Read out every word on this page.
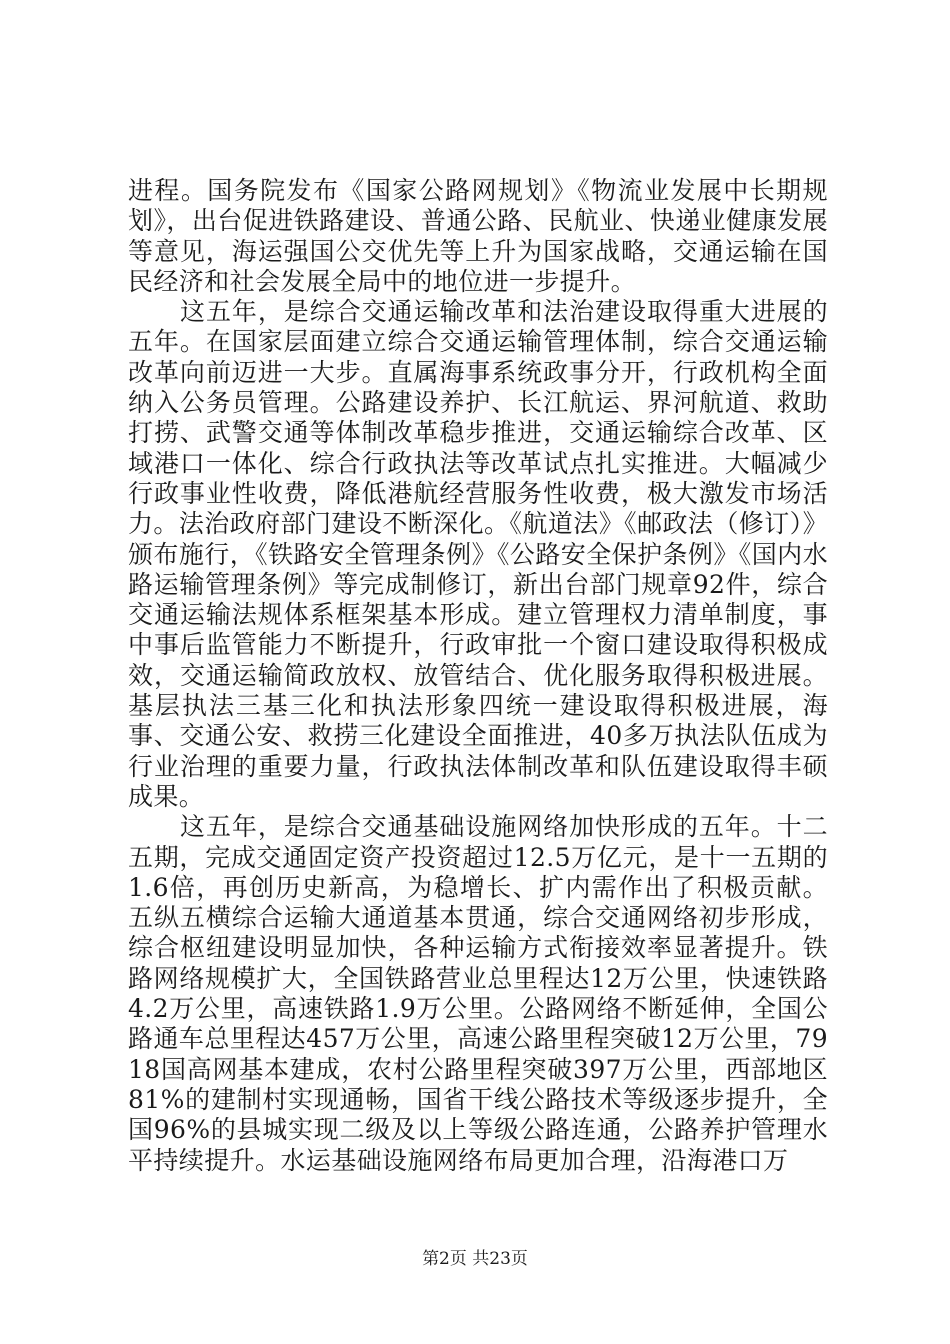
进程。国务院发布《国家公路网规划》《物流业发展中长期规划》，出台促进铁路建设、普通公路、民航业、快递业健康发展等意见，海运强国公交优先等上升为国家战略，交通运输在国民经济和社会发展全局中的地位进一步提升。

这五年，是综合交通运输改革和法治建设取得重大进展的五年。在国家层面建立综合交通运输管理体制，综合交通运输改革向前迈进一大步。直属海事系统政事分开，行政机构全面纳入公务员管理。公路建设养护、长江航运、界河航道、救助打捞、武警交通等体制改革稳步推进，交通运输综合改革、区域港口一体化、综合行政执法等改革试点扎实推进。大幅减少行政事业性收费，降低港航经营服务性收费，极大激发市场活力。法治政府部门建设不断深化。《航道法》《邮政法（修订）》颁布施行，《铁路安全管理条例》《公路安全保护条例》《国内水路运输管理条例》等完成制修订，新出台部门规章92件，综合交通运输法规体系框架基本形成。建立管理权力清单制度，事中事后监管能力不断提升，行政审批一个窗口建设取得积极成效，交通运输简政放权、放管结合、优化服务取得积极进展。基层执法三基三化和执法形象四统一建设取得积极进展，海事、交通公安、救捞三化建设全面推进，40多万执法队伍成为行业治理的重要力量，行政执法体制改革和队伍建设取得丰硕成果。

这五年，是综合交通基础设施网络加快形成的五年。十二五期，完成交通固定资产投资超过12.5万亿元，是十一五期的1.6倍，再创历史新高，为稳增长、扩内需作出了积极贡献。五纵五横综合运输大通道基本贯通，综合交通网络初步形成，综合枢纽建设明显加快，各种运输方式衔接效率显著提升。铁路网络规模扩大，全国铁路营业总里程达12万公里，快速铁路4.2万公里，高速铁路1.9万公里。公路网络不断延伸，全国公路通车总里程达457万公里，高速公路里程突破12万公里，7918国高网基本建成，农村公路里程突破397万公里，西部地区81%的建制村实现通畅，国省干线公路技术等级逐步提升，全国96%的县城实现二级及以上等级公路连通，公路养护管理水平持续提升。水运基础设施网络布局更加合理，沿海港口万

第2页 共23页
